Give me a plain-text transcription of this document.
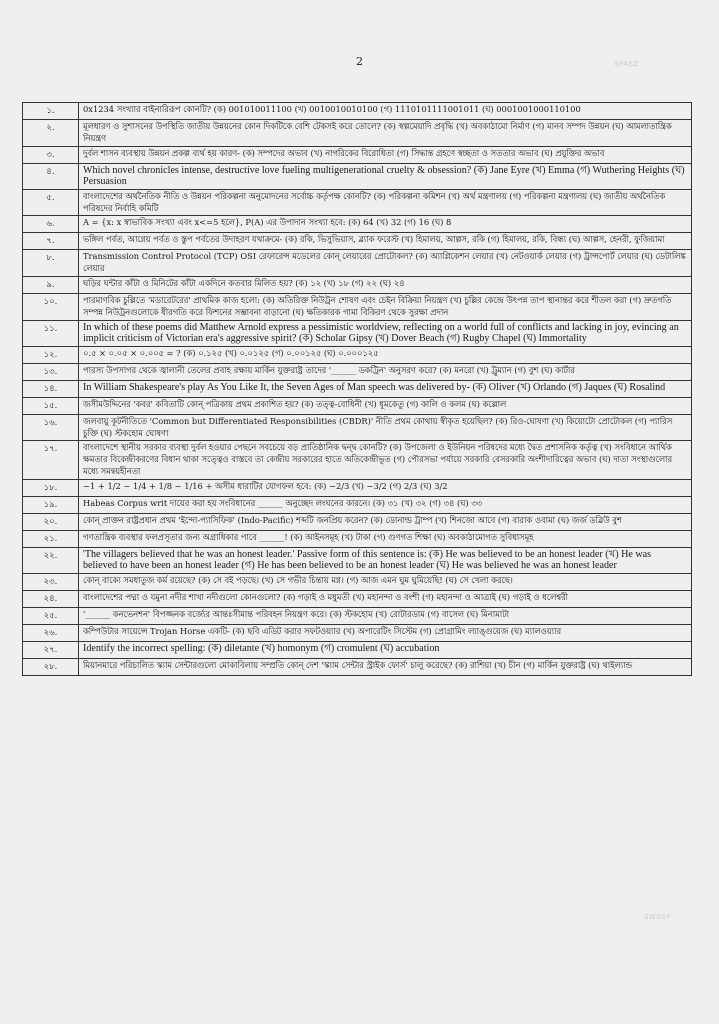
SPASZ
2
১.	0x1234 সংখ্যার বাইনারিরূপ কোনটি? (ক) 001010011100 (খ) 0010010010100 (গ) 1110101111001011 (ঘ) 000100100011010​0
২.	মূলধারণ ও সুশাসনের উপস্থিতি জাতীয় উন্নয়নের কোন দিকটিকে বেশি টেকসই করে তোলে? (ক) স্বল্পমেয়াদি প্রবৃদ্ধি (খ) অবকাঠামো নির্মাণ (গ) মানব সম্পদ উন্নয়ন (ঘ) আমলাতান্ত্রিক নিয়ন্ত্রণ
৩.	দুর্বল শাসন ব্যবস্থায় উন্নয়ন প্রকল্প ব্যর্থ হয় কারণ- (ক) সম্পদের অভাব (খ) নাগরিকের বিরোধিতা (গ) সিদ্ধান্ত গ্রহণে স্বচ্ছতা ও সততার অভাব (ঘ) প্রযুক্তির অভাব
৪.	Which novel chronicles intense, destructive love fueling multigenerational cruelty & obsession? (ক) Jane Eyre (খ) Emma (গ) Wuthering Heights (ঘ) Persuasion
৫.	বাংলাদেশের অর্থনৈতিক নীতি ও উন্নয়ন পরিকল্পনা অনুমোদনের সর্বোচ্চ কর্তৃপক্ষ কোনটি? (ক) পরিকল্পনা কমিশন (খ) অর্থ মন্ত্রণালয় (গ) পরিকল্পনা মন্ত্রণালয় (ঘ) জাতীয় অর্থনৈতিক পরিষদের নির্বাহি কমিটি
৬.	A = {x: x স্বাভাবিক সংখ্যা এবং x<=5 হলে}, P(A) এর উপাদান সংখ্যা হবে: (ক) 64 (খ) 32 (গ) 16 (ঘ) 8
৭.	ভঙ্গিল পর্বত, আগ্নেয় পর্বত ও স্তুপ পর্বতের উদাহরণ যথাক্রমে- (ক) রকি, ভিসুভিয়াস, ব্ল্যাক ফরেস্ট (খ) হিমালয়, আল্পস, রকি (গ) হিমালয়, রকি, বিন্ধ্য (ঘ) আল্পস, হেনরী, ফুজিয়ামা
৮.	Transmission Control Protocol (TCP) OSI রেফারেন্স মডেলের কোন্ লেয়ারের প্রোটোকল? (ক) অ্যাপ্লিকেশন লেয়ার (খ) নেটওয়ার্ক লেয়ার (গ) ট্রান্সপোর্ট লেয়ার (ঘ) ডেটালিঙ্ক লেয়ার
৯.	ঘড়ির ঘন্টার কাঁটা ও মিনিটের কাঁটা একদিনে কতবার মিলিত হয়? (ক) ১২ (খ) ১৮ (গ) ২২ (ঘ) ২৪
১০.	পারমাণবিক চুল্লিতে 'মডারেটরের' প্রাথমিক কাজ হলো: (ক) অতিরিক্ত নিউট্রন শোষণ এবং চেইন বিক্রিয়া নিয়ন্ত্রণ (খ) চুল্লির কেন্দ্রে উৎপন্ন তাপ স্থানান্তর করে শীতল করা (গ) দ্রুতগতি সম্পন্ন নিউট্রনগুলোকে ধীরগতি করে ফিশনের সম্ভাবনা বাড়ানো (ঘ) ক্ষতিকারক গামা বিকিরণ থেকে সুরক্ষা প্রদান
১১.	In which of these poems did Matthew Arnold express a pessimistic worldview, reflecting on a world full of conflicts and lacking in joy, evincing an implicit criticism of Victorian era's aggressive spirit? (ক) Scholar Gipsy (খ) Dover Beach (গ) Rugby Chapel (ঘ) Immortality
১২.	০.৫ × ০.০৫ × ০.০০৫ = ? (ক) ০.১২৫ (খ) ০.০১২৫ (গ) ০.০০১২৫ (ঘ) ০.০০০১২৫
১৩.	পারস্য উপসাগর থেকে জ্বালানী তেলের প্রবাহ রক্ষায় মার্কিন যুক্তরাষ্ট্র তাদের '______ ডকট্রিন' অনুসরণ করে? (ক) মনরো (খ) ট্রুম্যান (গ) বুশ (ঘ) কার্টার
১৪.	In William Shakespeare's play As You Like It, the Seven Ages of Man speech was delivered by- (ক) Oliver (খ) Orlando (গ) Jaques (ঘ) Rosalind
১৫.	জসীমউদ্দিনের 'কবর' কবিতাটি কোন্ পত্রিকায় প্রথম প্রকাশিত হয়? (ক) তত্ত্ব-বোধিনী (খ) ধূমকেতু (গ) কালি ও কলম (ঘ) কল্লোল
১৬.	জলবায়ু কূটনীতিতে 'Common but Differentiated Responsibilities (CBDR)' নীতি প্রথম কোথায় স্বীকৃত হয়েছিল? (ক) রিও-ঘোষণা (খ) কিয়োটো প্রোটোকল (গ) প্যারিস চুক্তি (ঘ) স্টকহোম ঘোষণা
১৭.	বাংলাদেশে স্থানীয় সরকার ব্যবস্থা দুর্বল হওয়ার পেছনে সবচেয়ে বড় প্রাতিষ্ঠানিক দ্বন্দ্ব কোনটি? (ক) উপজেলা ও ইউনিয়ন পরিষদের মধ্যে দ্বৈত প্রশাসনিক কর্তৃত্ব (খ) সংবিধানে আর্থিক ক্ষমতার বিকেন্দ্রীকরণের বিধান থাকা সত্ত্বেও বাস্তবে তা কেন্দ্রীয় সরকারের হাতে অতিকেন্দ্রীভূত (গ) পৌরসভা পর্যায়ে সরকারি বেসরকারি অংশীদারিত্বের অভাব (ঘ) দাতা সংস্থাগুলোর মধ্যে সমন্বয়হীনতা
১৮.	−1 + 1/2 − 1/4 + 1/8 − 1/16 + অসীম ধারাটির যোগফল হবে: (ক) −2/3 (খ) −3/2 (গ) 2/3 (ঘ) 3/2
১৯.	Habeas Corpus writ দায়ের করা হয় সংবিধানের ______ অনুচ্ছেদ লংঘনের কারনে। (ক) ৩১ (খ) ৩২ (গ) ৩৪ (ঘ) ৩৩
২০.	কোন্ প্রাক্তন রাষ্ট্রপ্রধান প্রথম 'ইন্দো-প্যাসিফিক' (Indo-Pacific) শব্দটি জনপ্রিয় করেন? (ক) ডোনাল্ড ট্রাম্প (খ) শিনজো আবে (গ) বারাক ওবামা (ঘ) জর্জ ডব্লিউ বুশ
২১.	গণতান্ত্রিক ব্যবস্থার ফলপ্রসূতার জন্য অগ্রাধিকার পাবে ______! (ক) আইনসমূহ (খ) টাকা (গ) গুণগত শিক্ষা (ঘ) অবকাঠামোগত সুবিধাসমূহ
২২.	'The villagers believed that he was an honest leader.' Passive form of this sentence is: (ক) He was believed to be an honest leader (খ) He was believed to have been an honest leader (গ) He has been believed to be an honest leader (ঘ) He was believed he was an honest leader
২৩.	কোন্ বাক্যে সমধাতুজ কর্ম রয়েছে? (ক) সে বই পড়ছে। (খ) সে গভীর চিন্তায় মগ্ন। (গ) আজ এমন ঘুম ঘুমিয়েছি! (ঘ) সে খেলা করছে।
২৪.	বাংলাদেশের পদ্মা ও যমুনা নদীর শাখা নদীগুলো কোনগুলো? (ক) গড়াই ও মধুমতী (খ) মহানন্দা ও বংশী (গ) মহানন্দা ও আত্রাই (ঘ) গড়াই ও ধলেশ্বরী
২৫.	'______ কনভেনশন' বিপজ্জনক বর্জ্যের আন্তঃসীমান্ত পরিবহন নিয়ন্ত্রণ করে। (ক) স্টকহোম (খ) রোটারডাম (গ) বাসেল (ঘ) মিনামাটা
২৬.	কম্পিউটার সায়েন্সে Trojan Horse একটি- (ক) ছবি এডিট করার সফটওয়্যার (খ) অপারেটিং সিস্টেম (গ) প্রোগ্রামিং ল্যাঙ্গুয়েজ (ঘ) ম্যালওয়্যার
২৭.	Identify the incorrect spelling: (ক) diletante (খ) homonym (গ) cromulent (ঘ) accubation
২৮.	মিয়ানমারে পরিচালিত স্ক্যাম সেন্টারগুলো মোকাবিলায় সম্প্রতি কোন্ দেশ 'স্ক্যাম সেন্টার স্ট্রাইক ফোর্স' চালু করেছে? (ক) রাশিয়া (খ) চীন (গ) মার্কিন যুক্তরাষ্ট্র (ঘ) থাইল্যান্ড
SWSSY
